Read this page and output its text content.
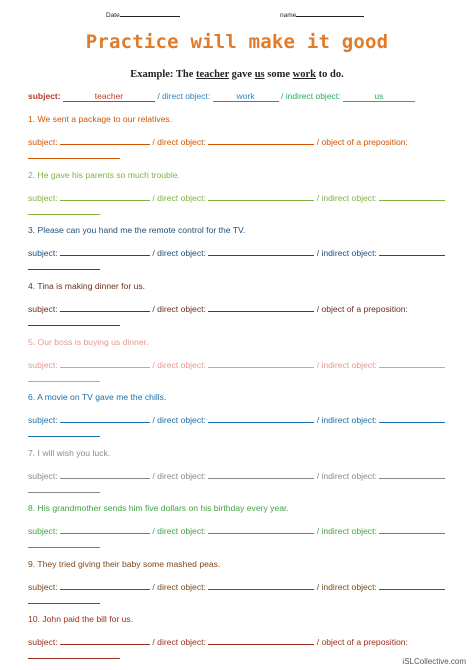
Date	name
Practice will make it good
Example: The teacher gave us some work to do.
subject:	teacher	/ direct object:	work	/ indirect object:	us
1. We sent a package to our relatives.
subject:	/ direct object:	/ object of a preposition:
2. He gave his parents so much trouble.
subject:	/ direct object:	/ indirect object:
3. Please can you hand me the remote control for the TV.
subject:	/ direct object:	/ indirect object:
4. Tina is making dinner for us.
subject:	/ direct object:	/ object of a preposition:
5. Our boss is buying us dinner.
subject:	/ direct object:	/ indirect object:
6. A movie on TV gave me the chills.
subject:	/ direct object:	/ indirect object:
7. I will wish you luck.
subject:	/ direct object:	/ indirect object:
8. His grandmother sends him five dollars on his birthday every year.
subject:	/ direct object:	/ indirect object:
9. They tried giving their baby some mashed peas.
subject:	/ direct object:	/ indirect object:
10. John paid the bill for us.
subject:	/ direct object:	/ object of a preposition:
iSLCollective.com
